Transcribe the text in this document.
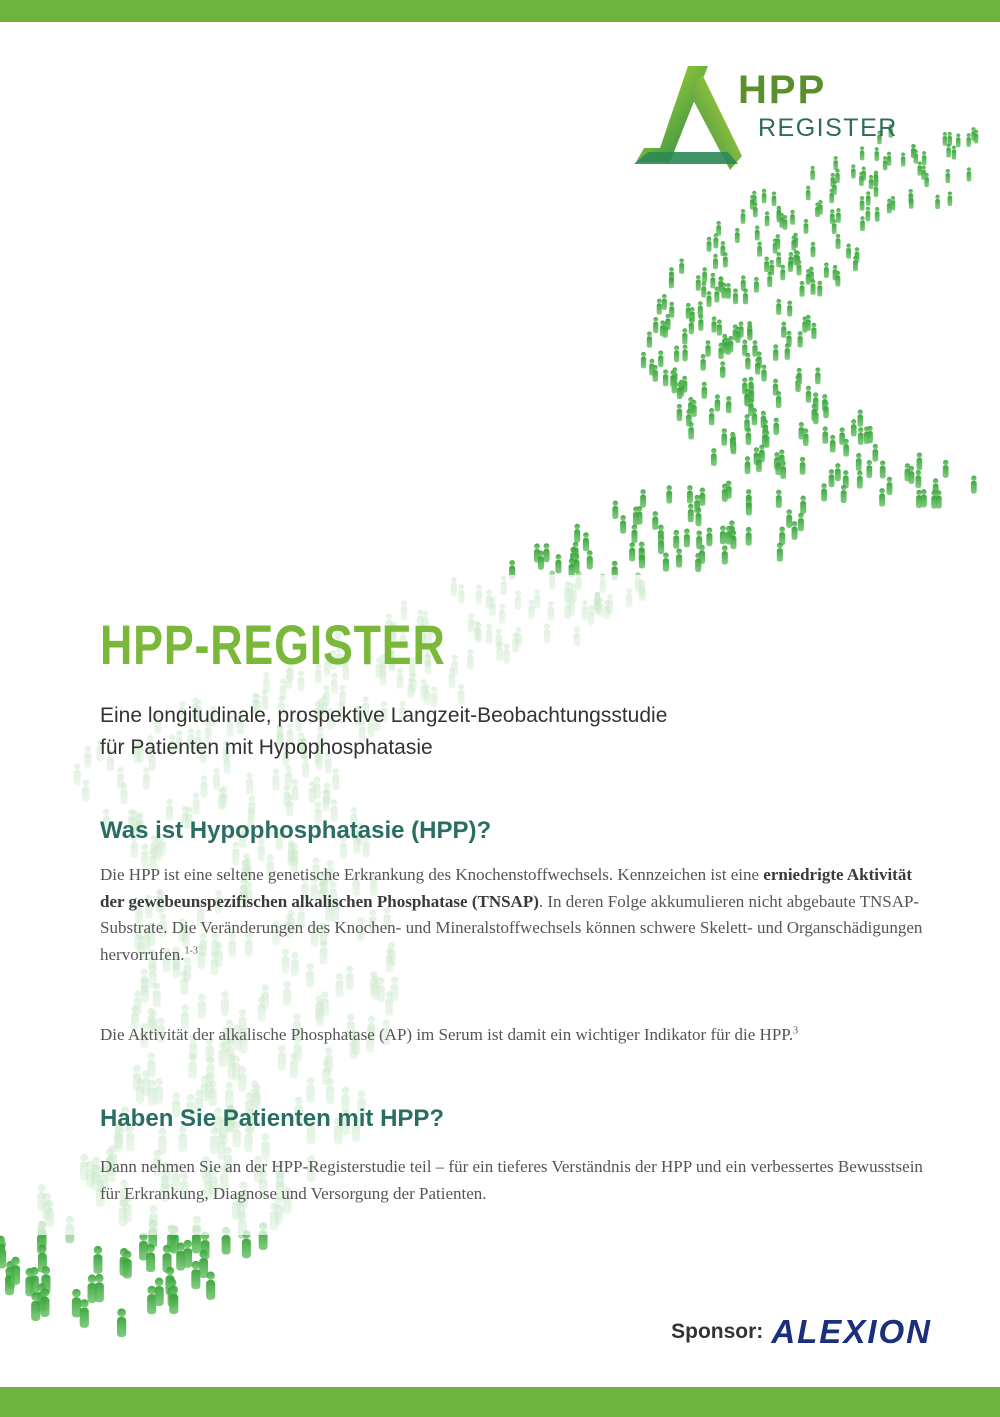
HPP
REGISTER
HPP-REGISTER
Eine longitudinale, prospektive Langzeit-Beobachtungsstudie
für Patienten mit Hypophosphatasie
Was ist Hypophosphatasie (HPP)?

Die HPP ist eine seltene genetische Erkrankung des Knochenstoffwechsels. Kennzeichen ist eine erniedrigte Aktivität der gewebeunspezifischen alkalischen Phosphatase (TNSAP). In deren Folge akkumulieren nicht abgebaute TNSAP-Substrate. Die Veränderungen des Knochen- und Mineralstoffwechsels können schwere Skelett- und Organschädigungen hervorrufen.$^{1-3}$

Die Aktivität der alkalische Phosphatase (AP) im Serum ist damit ein wichtiger Indikator für die HPP.$^3$

Haben Sie Patienten mit HPP?

Dann nehmen Sie an der HPP-Registerstudie teil – für ein tieferes Verständnis der HPP und ein verbessertes Bewusstsein für Erkrankung, Diagnose und Versorgung der Patienten.

Sponsor: ALEXION
